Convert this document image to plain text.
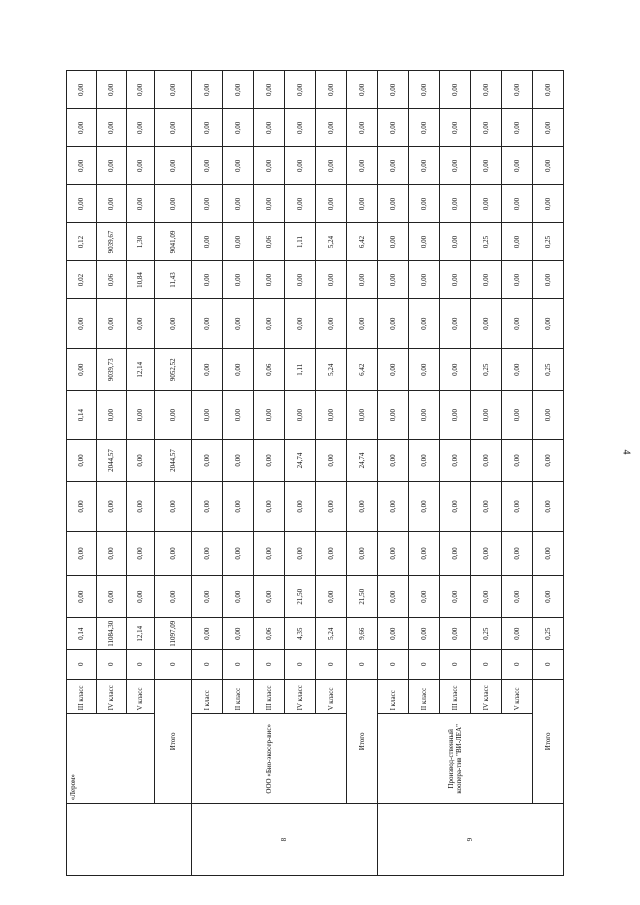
4
	«Лером»	III класс	0	0,14	0,00	0,00	0,00	0,00	0,14	0,00	0,00	0,02	0,12	0,00	0,00	0,00	0,00
		IV класс	0	11084,30	0,00	0,00	0,00	2044,57	0,00	9039,73	0,00	0,06	9039,67	0,00	0,00	0,00	0,00
		V класс	0	12,14	0,00	0,00	0,00	0,00	0,00	12,14	0,00	10,84	1,30	0,00	0,00	0,00	0,00
	Итого		0	11097,09	0,00	0,00	0,00	2044,57	0,00	9052,52	0,00	11,43	9041,09	0,00	0,00	0,00	0,00
8	ООО «Био-экосер-вис»	I класс	0	0,00	0,00	0,00	0,00	0,00	0,00	0,00	0,00	0,00	0,00	0,00	0,00	0,00	0,00
		II класс	0	0,00	0,00	0,00	0,00	0,00	0,00	0,00	0,00	0,00	0,00	0,00	0,00	0,00	0,00
		III класс	0	0,06	0,00	0,00	0,00	0,00	0,00	0,06	0,00	0,00	0,06	0,00	0,00	0,00	0,00
		IV класс	0	4,35	21,50	0,00	0,00	24,74	0,00	1,11	0,00	0,00	1,11	0,00	0,00	0,00	0,00
		V класс	0	5,24	0,00	0,00	0,00	0,00	0,00	5,24	0,00	0,00	5,24	0,00	0,00	0,00	0,00
	Итого		0	9,66	21,50	0,00	0,00	24,74	0,00	6,42	0,00	0,00	6,42	0,00	0,00	0,00	0,00
9	Производ-ственный коопера-тив "ВИ-ЛЕА"	I класс	0	0,00	0,00	0,00	0,00	0,00	0,00	0,00	0,00	0,00	0,00	0,00	0,00	0,00	0,00
		II класс	0	0,00	0,00	0,00	0,00	0,00	0,00	0,00	0,00	0,00	0,00	0,00	0,00	0,00	0,00
		III класс	0	0,00	0,00	0,00	0,00	0,00	0,00	0,00	0,00	0,00	0,00	0,00	0,00	0,00	0,00
		IV класс	0	0,25	0,00	0,00	0,00	0,00	0,00	0,25	0,00	0,00	0,25	0,00	0,00	0,00	0,00
		V класс	0	0,00	0,00	0,00	0,00	0,00	0,00	0,00	0,00	0,00	0,00	0,00	0,00	0,00	0,00
	Итого		0	0,25	0,00	0,00	0,00	0,00	0,00	0,25	0,00	0,00	0,25	0,00	0,00	0,00	0,00
